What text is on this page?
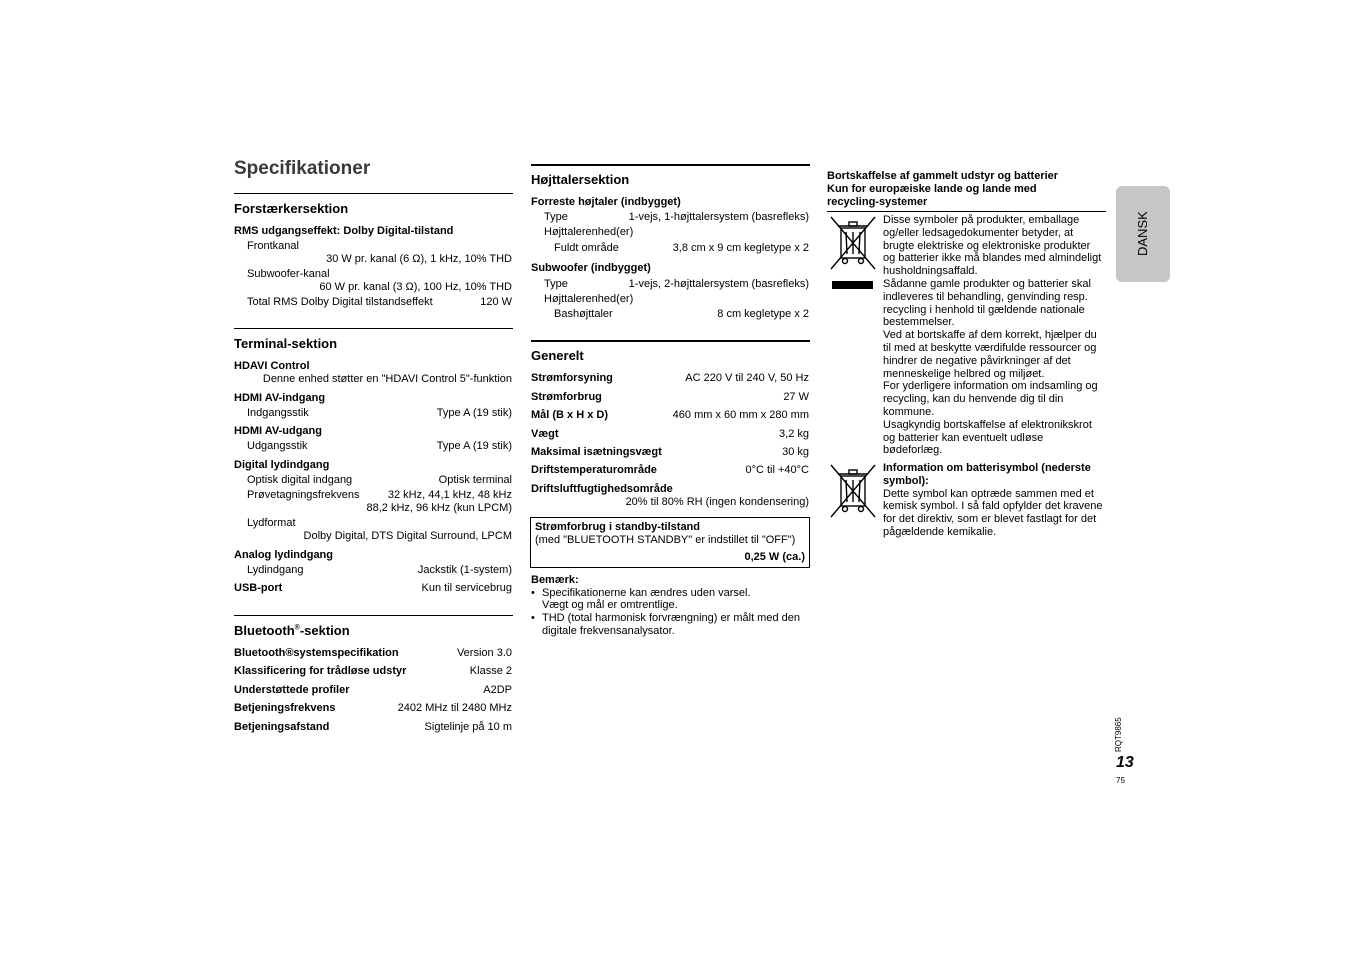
Specifikationer
Forstærkersektion
RMS udgangseffekt: Dolby Digital-tilstand
Frontkanal
30 W pr. kanal (6 Ω), 1 kHz, 10% THD
Subwoofer-kanal
60 W pr. kanal (3 Ω), 100 Hz, 10% THD
Total RMS Dolby Digital tilstandseffekt	120 W
Terminal-sektion
HDAVI Control
Denne enhed støtter en "HDAVI Control 5"-funktion
HDMI AV-indgang
Indgangsstik	Type A (19 stik)
HDMI AV-udgang
Udgangsstik	Type A (19 stik)
Digital lydindgang
Optisk digital indgang	Optisk terminal
Prøvetagningsfrekvens	32 kHz, 44,1 kHz, 48 kHz
88,2 kHz, 96 kHz (kun LPCM)
Lydformat
Dolby Digital, DTS Digital Surround, LPCM
Analog lydindgang
Lydindgang	Jackstik (1-system)
USB-port	Kun til servicebrug
Bluetooth®-sektion
Bluetooth®systemspecifikation	Version 3.0
Klassificering for trådløse udstyr	Klasse 2
Understøttede profiler	A2DP
Betjeningsfrekvens	2402 MHz til 2480 MHz
Betjeningsafstand	Sigtelinje på 10 m
Højttalersektion
Forreste højtaler (indbygget)
Type	1-vejs, 1-højttalersystem (basrefleks)
Højttalerenhed(er)
Fuldt område	3,8 cm x 9 cm kegletype x 2
Subwoofer (indbygget)
Type	1-vejs, 2-højttalersystem (basrefleks)
Højttalerenhed(er)
Bashøjttaler	8 cm kegletype x 2
Generelt
Strømforsyning	AC 220 V til 240 V, 50 Hz
Strømforbrug	27 W
Mål (B x H x D)	460 mm x 60 mm x 280 mm
Vægt	3,2 kg
Maksimal isætningsvægt	30 kg
Driftstemperaturområde	0°C til +40°C
Driftsluftfugtighedsområde
20% til 80% RH (ingen kondensering)
Strømforbrug i standby-tilstand
(med "BLUETOOTH STANDBY" er indstillet til "OFF")
0,25 W (ca.)
Bemærk:
• Specifikationerne kan ændres uden varsel.
Vægt og mål er omtrentlige.
• THD (total harmonisk forvrængning) er målt med den
digitale frekvensanalysator.
Bortskaffelse af gammelt udstyr og batterier
Kun for europæiske lande og lande med
recycling-systemer
Disse symboler på produkter, emballage og/eller ledsagedokumenter betyder, at brugte elektriske og elektroniske produkter og batterier ikke må blandes med almindeligt husholdningsaffald.
Sådanne gamle produkter og batterier skal indleveres til behandling, genvinding resp. recycling i henhold til gældende nationale bestemmelser.
Ved at bortskaffe af dem korrekt, hjælper du til med at beskytte værdifulde ressourcer og hindrer de negative påvirkninger af det menneskelige helbred og miljøet.
For yderligere information om indsamling og recycling, kan du henvende dig til din kommune.
Usagkyndig bortskaffelse af elektronikskrot og batterier kan eventuelt udløse bødeforlæg.
Information om batterisymbol (nederste symbol):
Dette symbol kan optræde sammen med et kemisk symbol. I så fald opfylder det kravene for det direktiv, som er blevet fastlagt for det pågældende kemikalie.
DANSK
RQT9865
13
75
